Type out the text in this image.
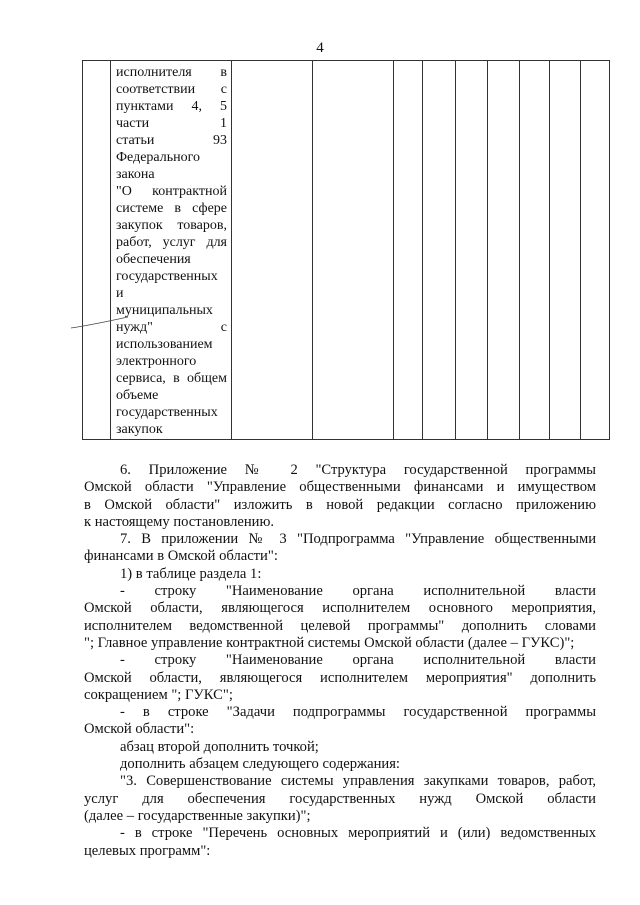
4

исполнителя в
соответствии с
пунктами 4, 5
части 1
статьи 93
Федерального
закона
"О контрактной
системе в сфере
закупок товаров,
работ, услуг для
обеспечения
государственных
и
муниципальных
нужд" с
использованием
электронного
сервиса, в общем
объеме
государственных
закупок

6. Приложение № 2 "Структура государственной программы
Омской области "Управление общественными финансами и имуществом
в Омской области" изложить в новой редакции согласно приложению
к настоящему постановлению.

7. В приложении № 3 "Подпрограмма "Управление общественными
финансами в Омской области":

1) в таблице раздела 1:

- строку "Наименование органа исполнительной власти
Омской области, являющегося исполнителем основного мероприятия,
исполнителем ведомственной целевой программы" дополнить словами
"; Главное управление контрактной системы Омской области (далее – ГУКС)";

- строку "Наименование органа исполнительной власти
Омской области, являющегося исполнителем мероприятия" дополнить
сокращением "; ГУКС";

- в строке "Задачи подпрограммы государственной программы
Омской области":

абзац второй дополнить точкой;

дополнить абзацем следующего содержания:

"3. Совершенствование системы управления закупками товаров, работ,
услуг для обеспечения государственных нужд Омской области
(далее – государственные закупки)";

- в строке "Перечень основных мероприятий и (или) ведомственных
целевых программ":
